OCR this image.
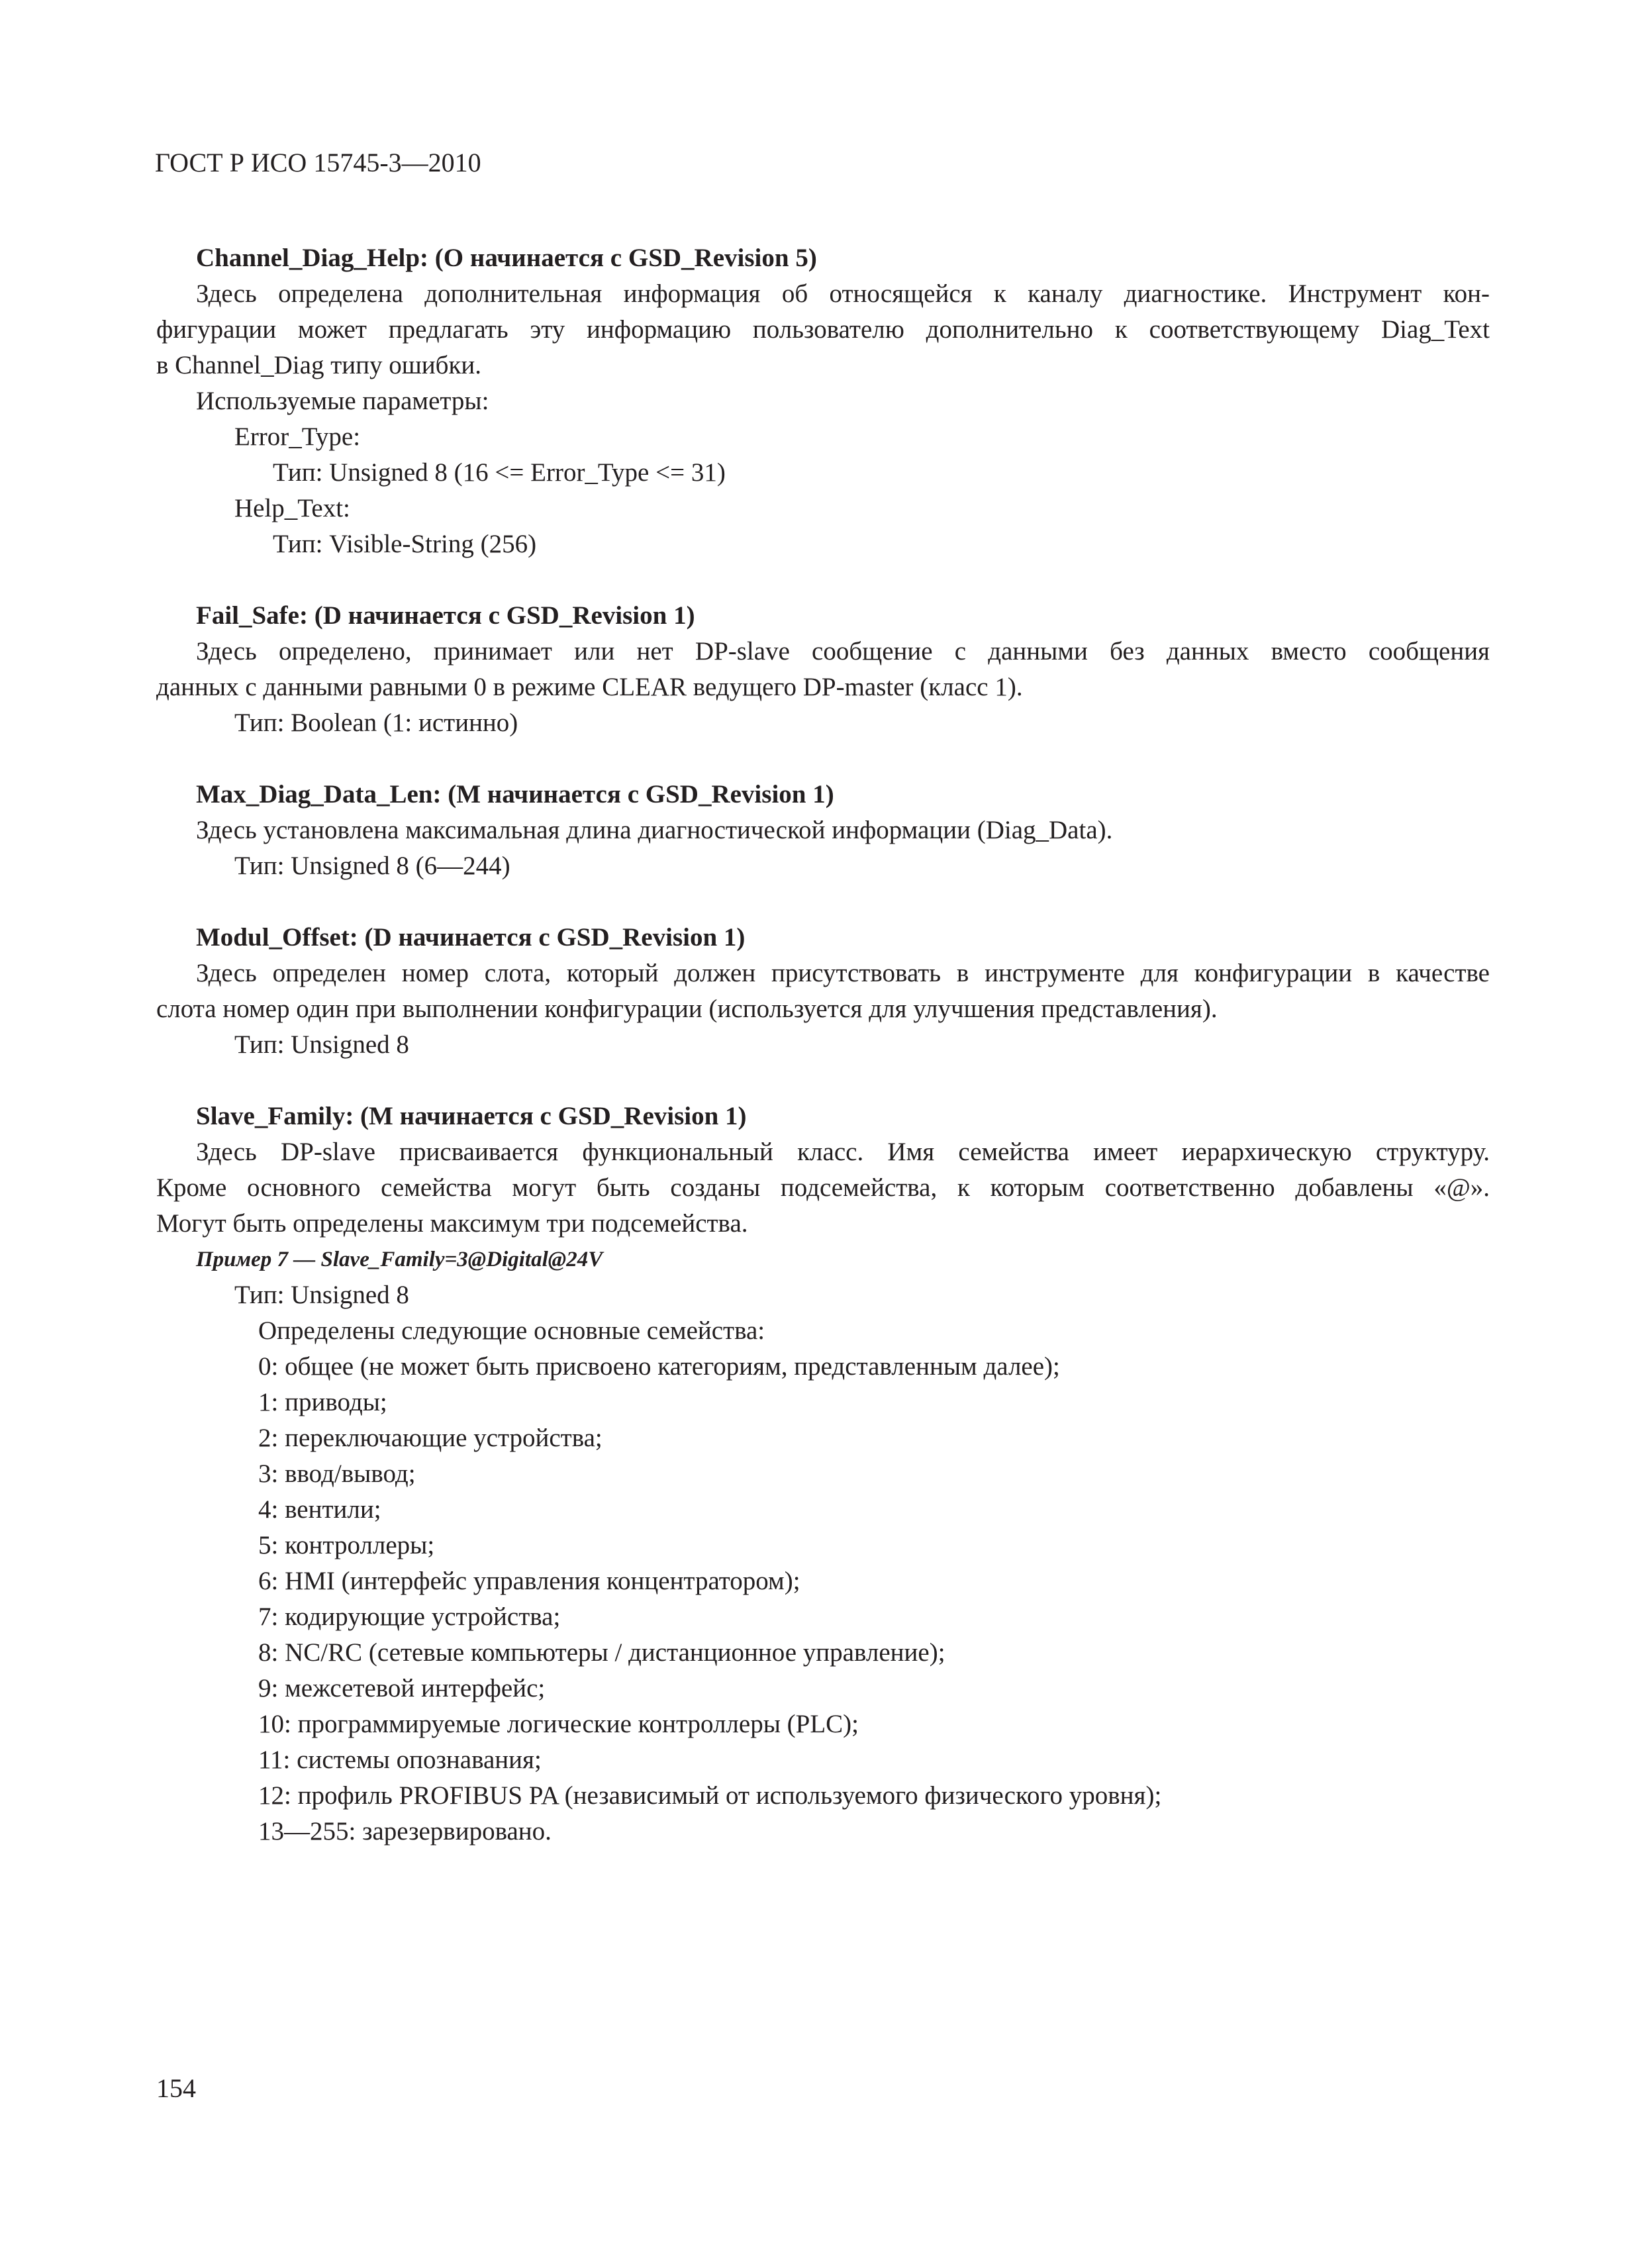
ГОСТ Р ИСО 15745-3—2010
Channel_Diag_Help: (O начинается с GSD_Revision 5)
Здесь определена дополнительная информация об относящейся к каналу диагностике. Инструмент кон-
фигурации может предлагать эту информацию пользователю дополнительно к соответствующему Diag_Text
в Channel_Diag типу ошибки.
Используемые параметры:
Error_Type:
Тип: Unsigned 8 (16 <= Error_Type <= 31)
Help_Text:
Тип: Visible-String (256)
Fail_Safe: (D начинается с GSD_Revision 1)
Здесь определено, принимает или нет DP-slave сообщение с данными без данных вместо сообщения
данных с данными равными 0 в режиме CLEAR ведущего DP-master (класс 1).
Тип: Boolean (1: истинно)
Max_Diag_Data_Len: (M начинается с GSD_Revision 1)
Здесь установлена максимальная длина диагностической информации (Diag_Data).
Тип: Unsigned 8 (6—244)
Modul_Offset: (D начинается с GSD_Revision 1)
Здесь определен номер слота, который должен присутствовать в инструменте для конфигурации в качестве
слота номер один при выполнении конфигурации (используется для улучшения представления).
Тип: Unsigned 8
Slave_Family: (M начинается с GSD_Revision 1)
Здесь DP-slave присваивается функциональный класс. Имя семейства имеет иерархическую структуру.
Кроме основного семейства могут быть созданы подсемейства, к которым соответственно добавлены «@».
Могут быть определены максимум три подсемейства.
Пример 7 — Slave_Family=3@Digital@24V
Тип: Unsigned 8
Определены следующие основные семейства:
0: общее (не может быть присвоено категориям, представленным далее);
1: приводы;
2: переключающие устройства;
3: ввод/вывод;
4: вентили;
5: контроллеры;
6: HMI (интерфейс управления концентратором);
7: кодирующие устройства;
8: NC/RC (сетевые компьютеры / дистанционное управление);
9: межсетевой интерфейс;
10: программируемые логические контроллеры (PLC);
11: системы опознавания;
12: профиль PROFIBUS PA (независимый от используемого физического уровня);
13—255: зарезервировано.
154
